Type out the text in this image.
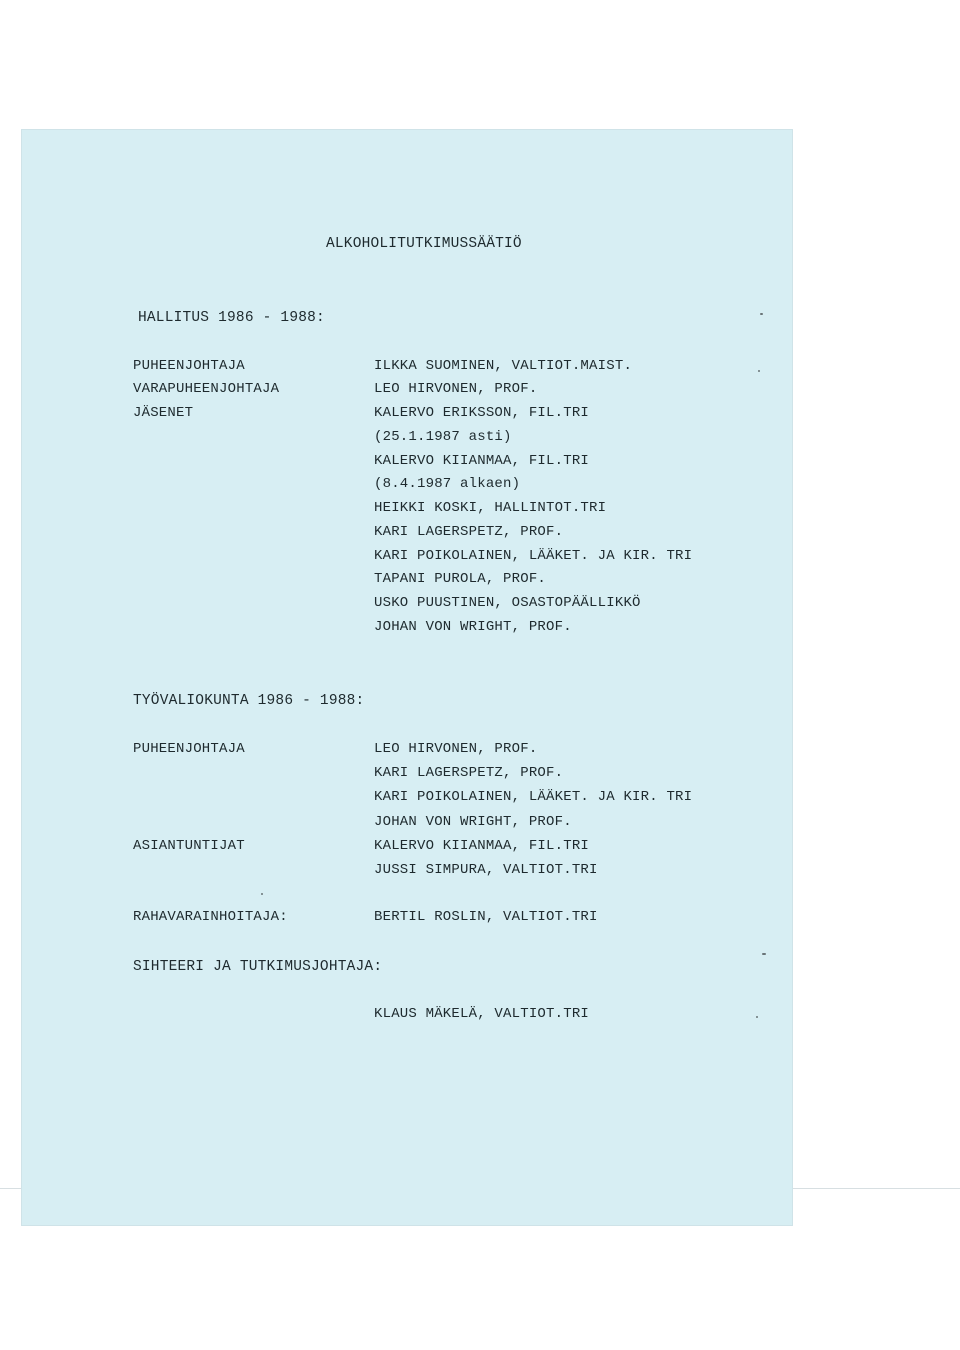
ALKOHOLITUTKIMUSSÄÄTIÖ
HALLITUS 1986 - 1988:
PUHEENJOHTAJA
VARAPUHEENJOHTAJA
JÄSENET
ILKKA SUOMINEN, VALTIOT.MAIST.
LEO HIRVONEN, PROF.
KALERVO ERIKSSON, FIL.TRI
(25.1.1987 asti)
KALERVO KIIANMAA, FIL.TRI
(8.4.1987 alkaen)
HEIKKI KOSKI, HALLINTOT.TRI
KARI LAGERSPETZ, PROF.
KARI POIKOLAINEN, LÄÄKET. JA KIR. TRI
TAPANI PUROLA, PROF.
USKO PUUSTINEN, OSASTOPÄÄLLIKKÖ
JOHAN VON WRIGHT, PROF.
TYÖVALIOKUNTA 1986 - 1988:
PUHEENJOHTAJA
ASIANTUNTIJAT
LEO HIRVONEN, PROF.
KARI LAGERSPETZ, PROF.
KARI POIKOLAINEN, LÄÄKET. JA KIR. TRI
JOHAN VON WRIGHT, PROF.
KALERVO KIIANMAA, FIL.TRI
JUSSI SIMPURA, VALTIOT.TRI
RAHAVARAINHOITAJA:	BERTIL ROSLIN, VALTIOT.TRI
SIHTEERI JA TUTKIMUSJOHTAJA:
KLAUS MÄKELÄ, VALTIOT.TRI
